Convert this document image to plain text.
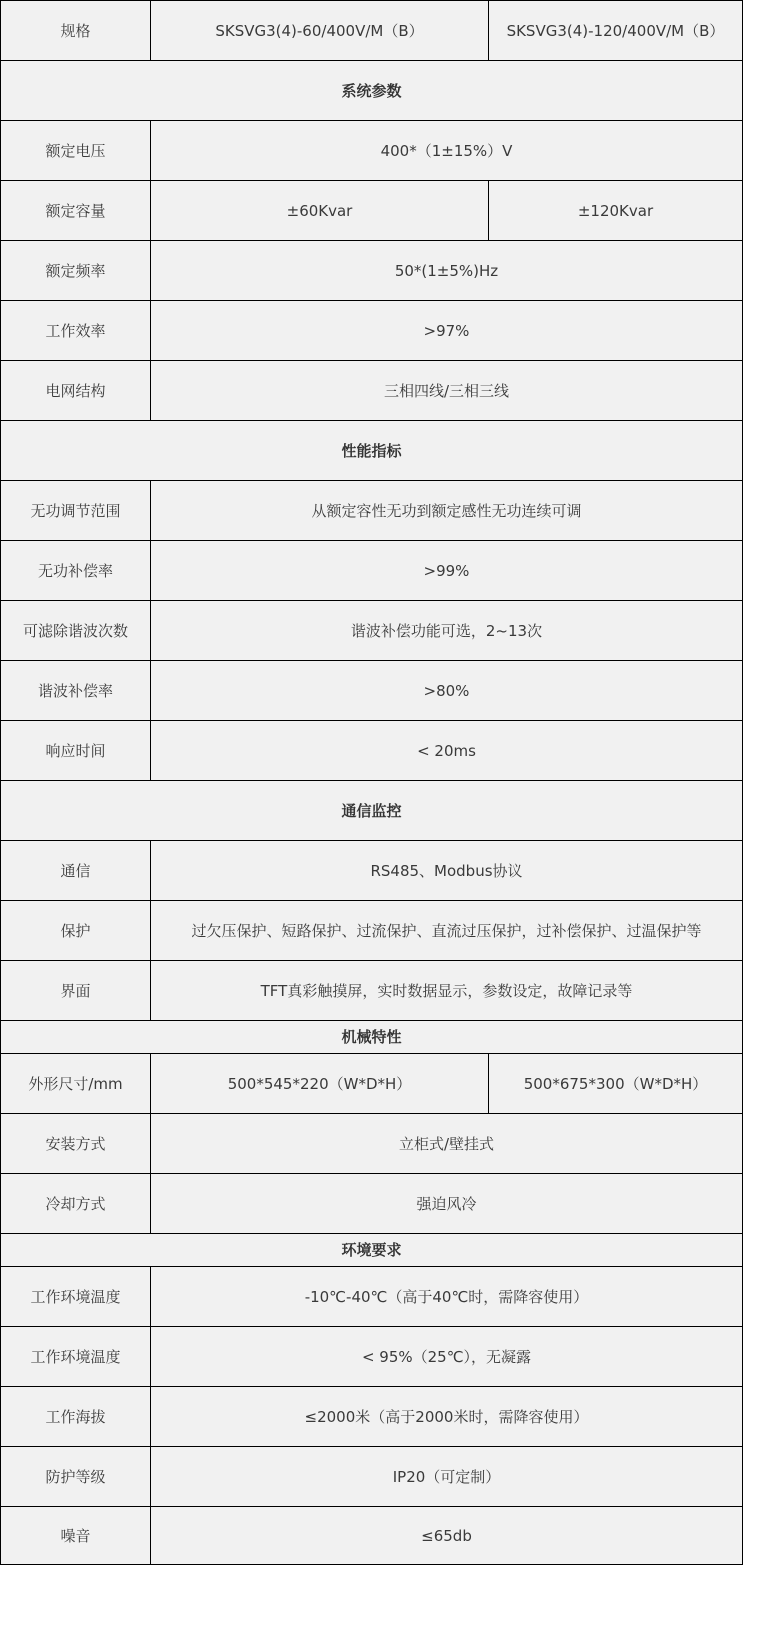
规格	SKSVG3(4)-60/400V/M（B）	SKSVG3(4)-120/400V/M（B）
系统参数		
额定电压	400*（1±15%）V	
额定容量	±60Kvar	±120Kvar
额定频率	50*(1±5%)Hz	
工作效率	>97%	
电网结构	三相四线/三相三线	
性能指标		
无功调节范围	从额定容性无功到额定感性无功连续可调	
无功补偿率	>99%	
可滤除谐波次数	谐波补偿功能可选，2~13次	
谐波补偿率	>80%	
响应时间	< 20ms	
通信监控		
通信	RS485、Modbus协议	
保护	过欠压保护、短路保护、过流保护、直流过压保护，过补偿保护、过温保护等	
界面	TFT真彩触摸屏，实时数据显示，参数设定，故障记录等	
机械特性		
外形尺寸/mm	500*545*220（W*D*H）	500*675*300（W*D*H）
安装方式	立柜式/壁挂式	
冷却方式	强迫风冷	
环境要求		
工作环境温度	-10℃-40℃（高于40℃时，需降容使用）	
工作环境温度	< 95%（25℃），无凝露	
工作海拔	≤2000米（高于2000米时，需降容使用）	
防护等级	IP20（可定制）	
噪音	≤65db	
